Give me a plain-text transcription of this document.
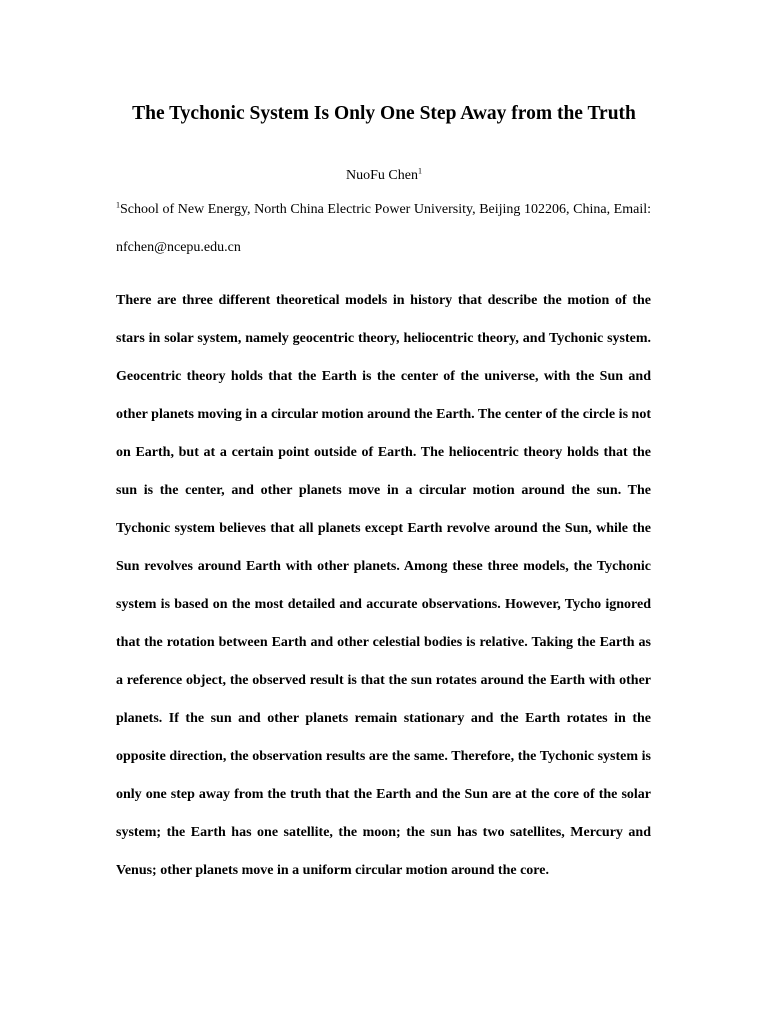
The Tychonic System Is Only One Step Away from the Truth
NuoFu Chen$^1$
$^1$School of New Energy, North China Electric Power University, Beijing 102206, China, Email: nfchen@ncepu.edu.cn

There are three different theoretical models in history that describe the motion of the stars in solar system, namely geocentric theory, heliocentric theory, and Tychonic system. Geocentric theory holds that the Earth is the center of the universe, with the Sun and other planets moving in a circular motion around the Earth. The center of the circle is not on Earth, but at a certain point outside of Earth. The heliocentric theory holds that the sun is the center, and other planets move in a circular motion around the sun. The Tychonic system believes that all planets except Earth revolve around the Sun, while the Sun revolves around Earth with other planets. Among these three models, the Tychonic system is based on the most detailed and accurate observations. However, Tycho ignored that the rotation between Earth and other celestial bodies is relative. Taking the Earth as a reference object, the observed result is that the sun rotates around the Earth with other planets. If the sun and other planets remain stationary and the Earth rotates in the opposite direction, the observation results are the same. Therefore, the Tychonic system is only one step away from the truth that the Earth and the Sun are at the core of the solar system; the Earth has one satellite, the moon; the sun has two satellites, Mercury and Venus; other planets move in a uniform circular motion around the core.
